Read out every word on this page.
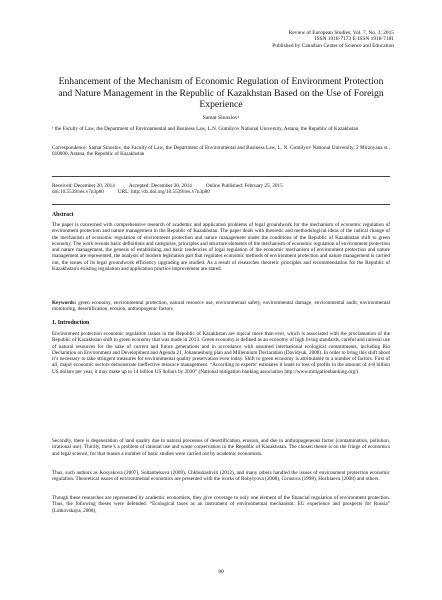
Review of European Studies; Vol. 7, No. 3; 2015
ISSN 1918-7173 E-ISSN 1918-7181
Published by Canadian Center of Science and Education
Enhancement of the Mechanism of Economic Regulation of Environment Protection and Nature Management in the Republic of Kazakhstan Based on the Use of Foreign Experience
Samat Sinoslov¹

¹ the Faculty of Law, the Department of Environmental and Business Law, L.N. Gumilyov National University, Astana, the Republic of Kazakhstan

Correspondence: Samat Sinoslov, the Faculty of Law, the Department of Environmental and Business Law, L. N. Gumilyov National University, 2 Mirzoyana st., 010000, Astana, the Republic of Kazakhstan

Received: December 20, 2014	Accepted: December 30, 2014	Online Published: February 25, 2015
doi:10.5539/res.v7n3p80	URL: http://dx.doi.org/10.5539/res.v7n3p80
Abstract

The paper is concerned with comprehensive research of academic and application problems of legal groundwork for the mechanism of economic regulation of environment protection and nature management in the Republic of Kazakhstan. The paper deals with theoretic and methodological ideas of the radical change of the mechanism of economic regulation of environment protection and nature management under the conditions of the Republic of Kazakhstan shift to green economy. The work reveals basic definitions and categories, principles and structure elements of the mechanism of economic regulation of environment protection and nature management, the genesis of establishing and basic tendencies of legal regulation of the economic mechanism of environment protection and nature management are represented, the analysis of modern legislation part that regulates economic methods of environment protection and nature management is carried out, the issues of its legal groundwork efficiency upgrading are studied. As a result of researches theoretic principles and recommendation for the Republic of Kazakhstan's existing legislation and application practice improvement are stated.

Keywords: green economy, environmental protection, natural resource use, environmental safety, environmental damage, environmental audit, environmental monitoring, desertification, erosion, anthropogenic factors

1. Introduction

Environment protection economic regulation issues in the Republic of Kazakhstan are topical more than ever, which is associated with the proclamation of the Republic of Kazakhstan shift to green economy that was made in 2013. Green economy is defined as an economy of high living standards, careful and rational use of natural resources for the sake of current and future generations and in accordance with assumed international ecological commitments, including Rio Declaration on Environment and Development and Agenda 21, Johannesburg plan and Millennium Declaration (Davidyuk, 2008). In order to bring this shift about it’s necessary to take stringent measures for environmental quality preservation even today. Shift to green economy is attributable to a number of factors. First of all, major economic sectors demonstrate ineffective resource management. “According to experts’ estimates it leads to loss of profits in the amount of 4-8 billion US dollars per year, it may make up to 14 billion US dollars by 2030” (National mitigation banking association http://www.mitigationbanking.org/).

Secondly, there is degeneration of land quality due to natural processes of desertification, erosion, and due to anthropogeneous factor (contamination, pollution, irrational use). Thirdly, there’s a problem of rational use and waste conservation in the Republic of Kazakhstan. The chosen theme is on the fringe of economics and legal science, for that reason a number of basic studies were carried out by academic economists.

Thus, such authors as Kosyakova (2007), Soltanbekova (2009), Chkhutiashvili (2012), and many others handled the issues of environment protection economic regulation. Theoretical issues of environmental economics are presented with the works of Bobylyova (2008), Girusova (1998), Hochlaeva (2008) and others.

Though these researches are represented by academic economists, they give coverage to only one element of the financial regulation of environment protection. Thus, the following theses were defended: “Ecological taxes as an instrument of environmental mechanism: EU experience and prospects for Russia” (Lutkovskaya, 2008),

80
